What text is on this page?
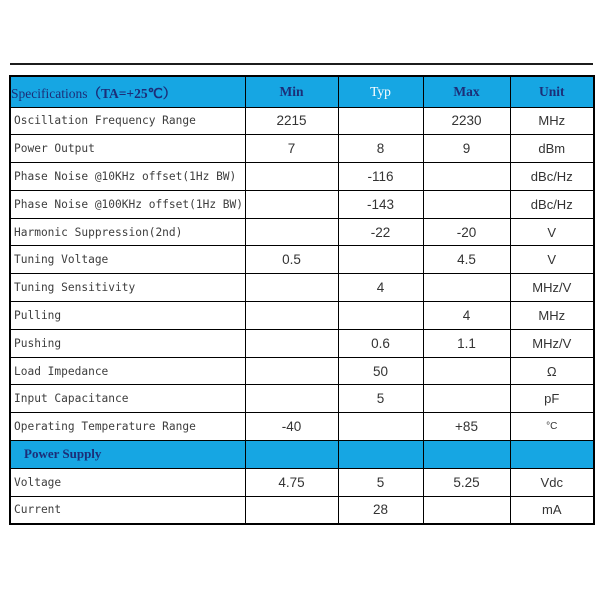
Specifications（TA=+25℃）	Min	Typ	Max	Unit
Oscillation Frequency Range	2215		2230	MHz
Power Output	7	8	9	dBm
Phase Noise @10KHz offset(1Hz BW)		-116		dBc/Hz
Phase Noise @100KHz offset(1Hz BW)		-143		dBc/Hz
Harmonic Suppression(2nd)		-22	-20	V
Tuning Voltage	0.5		4.5	V
Tuning Sensitivity		4		MHz/V
Pulling			4	MHz
Pushing		0.6	1.1	MHz/V
Load Impedance		50		Ω
Input Capacitance		5		pF
Operating Temperature Range	-40		+85	°C
Power Supply				
Voltage	4.75	5	5.25	Vdc
Current		28		mA
